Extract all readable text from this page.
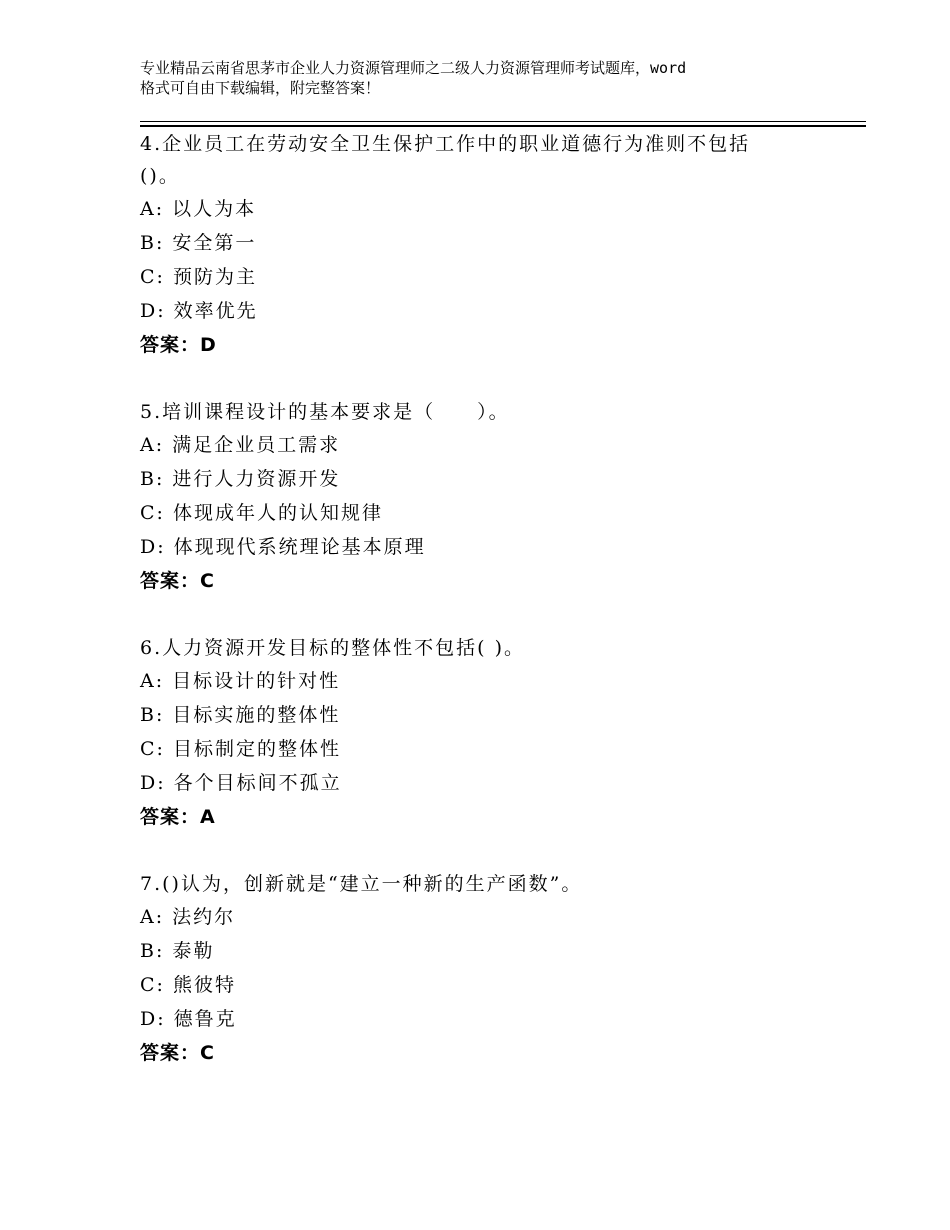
专业精品云南省思茅市企业人力资源管理师之二级人力资源管理师考试题库，word
格式可自由下载编辑，附完整答案！

4.企业员工在劳动安全卫生保护工作中的职业道德行为准则不包括

()。

A: 以人为本

B: 安全第一

C: 预防为主

D: 效率优先

答案：D

5.培训课程设计的基本要求是（　　）。

A: 满足企业员工需求

B: 进行人力资源开发

C: 体现成年人的认知规律

D: 体现现代系统理论基本原理

答案：C

6.人力资源开发目标的整体性不包括( )。

A: 目标设计的针对性

B: 目标实施的整体性

C: 目标制定的整体性

D: 各个目标间不孤立

答案：A

7.()认为，创新就是“建立一种新的生产函数”。

A: 法约尔

B: 泰勒

C: 熊彼特

D: 德鲁克

答案：C
